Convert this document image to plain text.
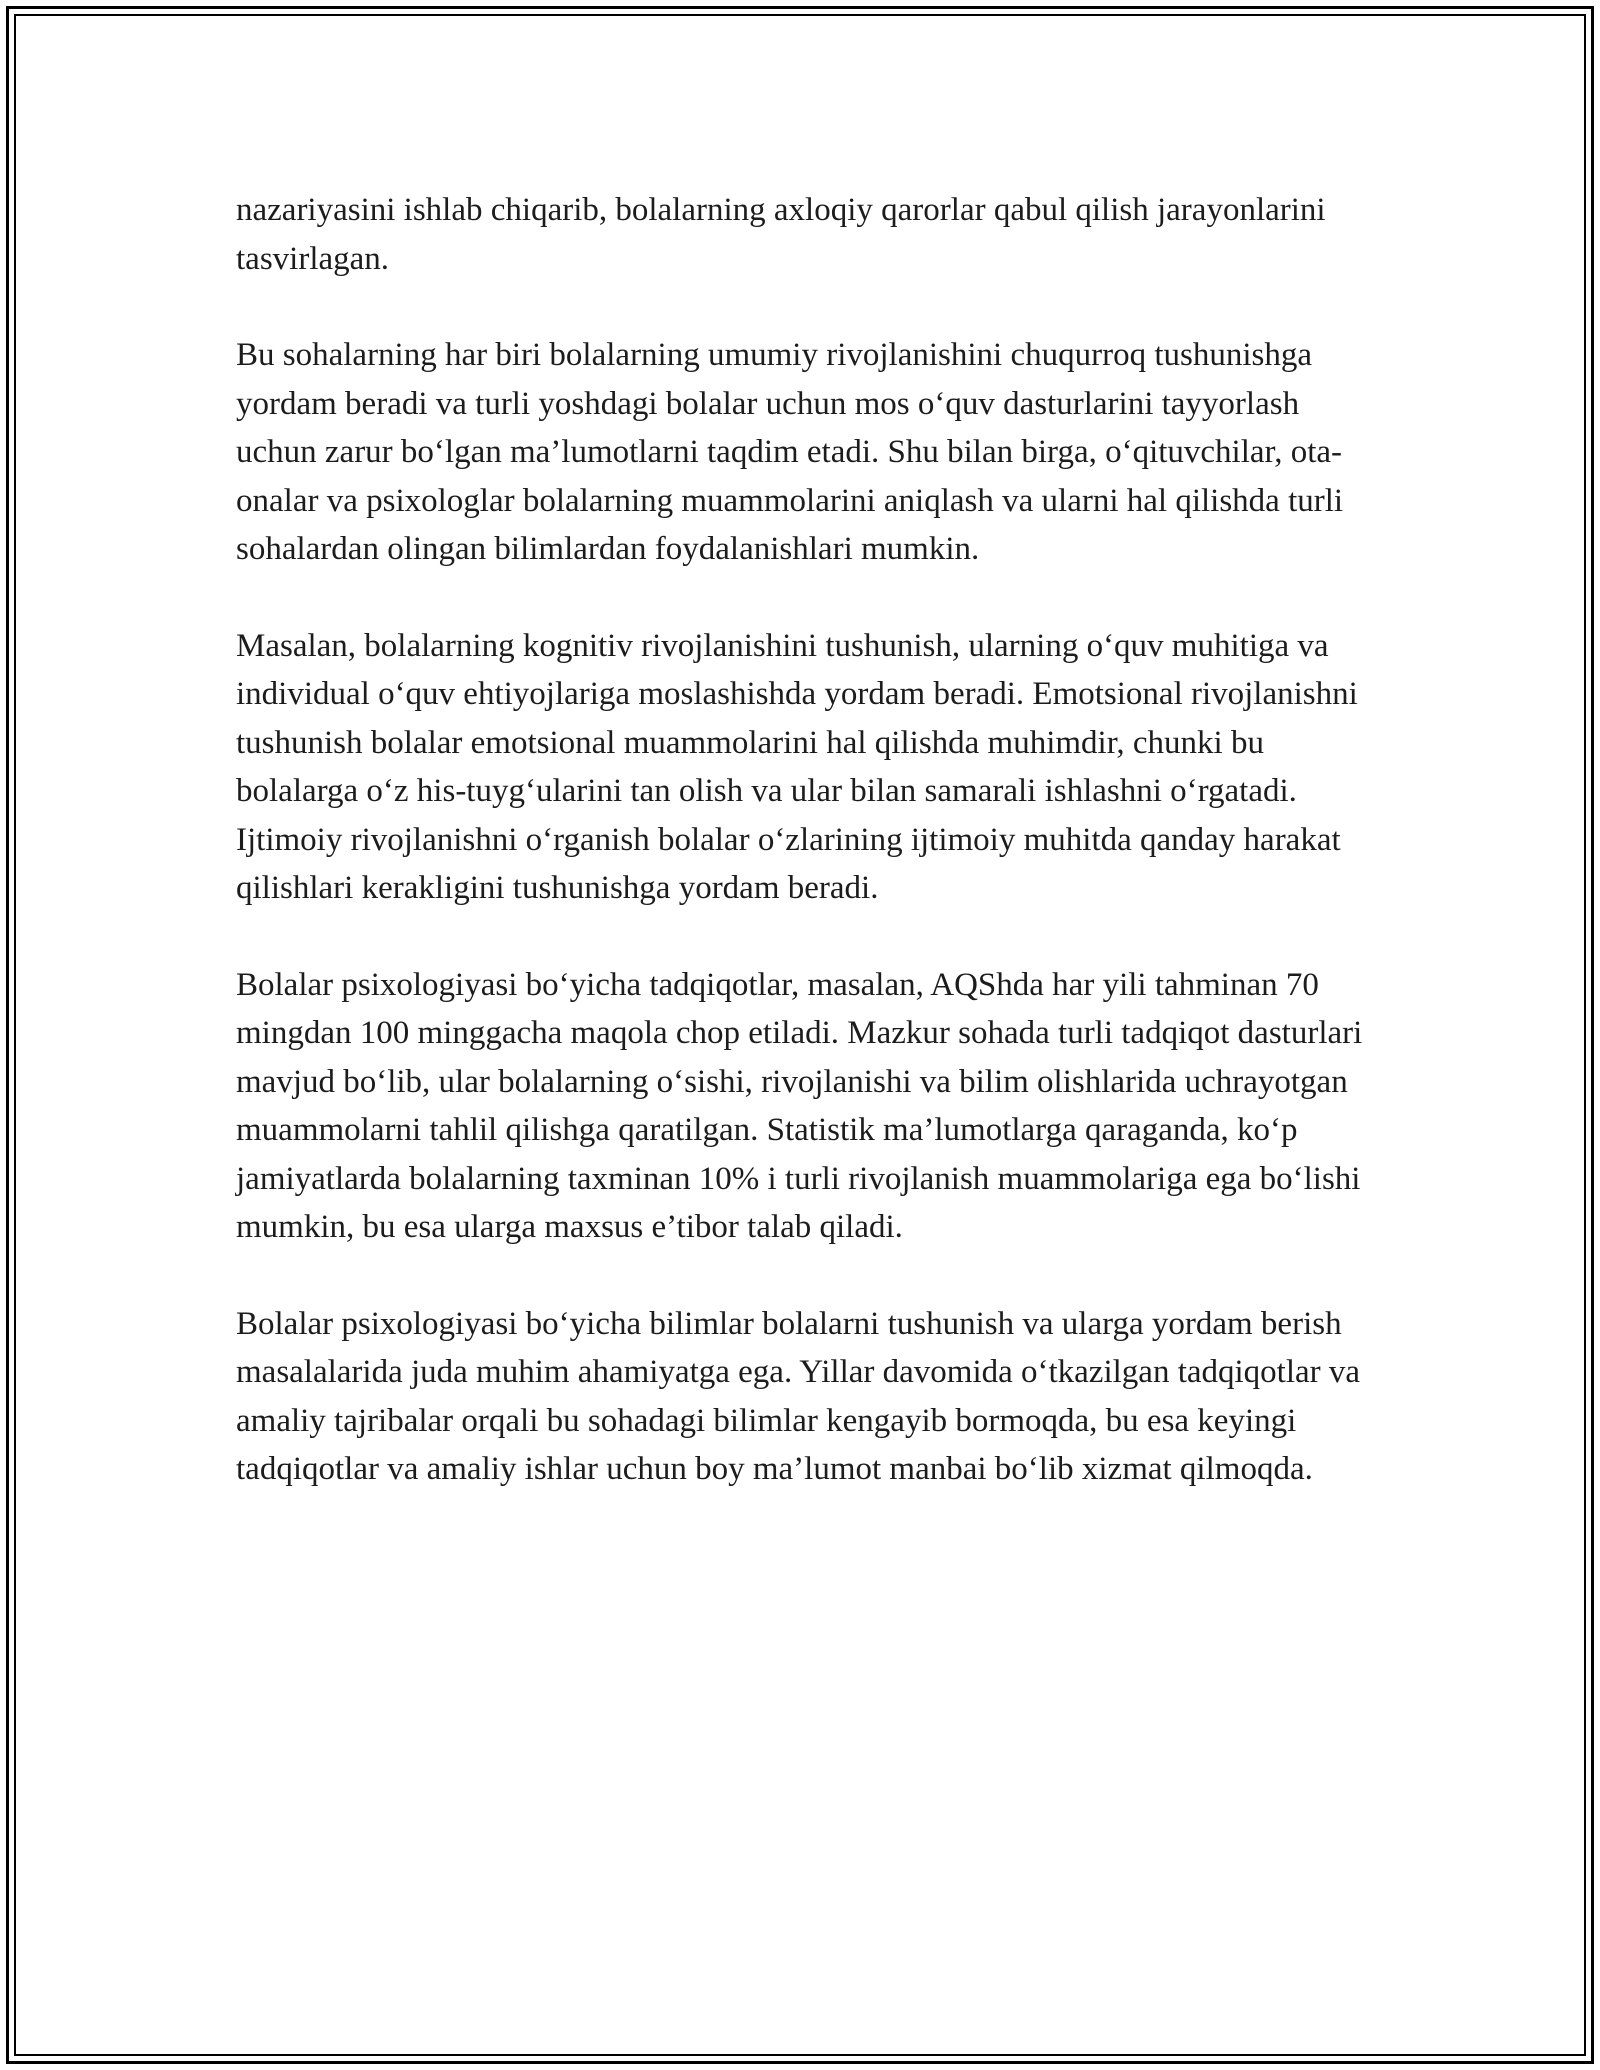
nazariyasini ishlab chiqarib, bolalarning axloqiy qarorlar qabul qilish jarayonlarini tasvirlagan.

Bu sohalarning har biri bolalarning umumiy rivojlanishini chuqurroq tushunishga yordam beradi va turli yoshdagi bolalar uchun mos o‘quv dasturlarini tayyorlash uchun zarur bo‘lgan ma’lumotlarni taqdim etadi. Shu bilan birga, o‘qituvchilar, ota-onalar va psixologlar bolalarning muammolarini aniqlash va ularni hal qilishda turli sohalardan olingan bilimlardan foydalanishlari mumkin.

Masalan, bolalarning kognitiv rivojlanishini tushunish, ularning o‘quv muhitiga va individual o‘quv ehtiyojlariga moslashishda yordam beradi. Emotsional rivojlanishni tushunish bolalar emotsional muammolarini hal qilishda muhimdir, chunki bu bolalarga o‘z his-tuyg‘ularini tan olish va ular bilan samarali ishlashni o‘rgatadi. Ijtimoiy rivojlanishni o‘rganish bolalar o‘zlarining ijtimoiy muhitda qanday harakat qilishlari kerakligini tushunishga yordam beradi.

Bolalar psixologiyasi bo‘yicha tadqiqotlar, masalan, AQShda har yili tahminan 70 mingdan 100 minggacha maqola chop etiladi. Mazkur sohada turli tadqiqot dasturlari mavjud bo‘lib, ular bolalarning o‘sishi, rivojlanishi va bilim olishlarida uchrayotgan muammolarni tahlil qilishga qaratilgan. Statistik ma’lumotlarga qaraganda, ko‘p jamiyatlarda bolalarning taxminan 10% i turli rivojlanish muammolariga ega bo‘lishi mumkin, bu esa ularga maxsus e’tibor talab qiladi.

Bolalar psixologiyasi bo‘yicha bilimlar bolalarni tushunish va ularga yordam berish masalalarida juda muhim ahamiyatga ega. Yillar davomida o‘tkazilgan tadqiqotlar va amaliy tajribalar orqali bu sohadagi bilimlar kengayib bormoqda, bu esa keyingi tadqiqotlar va amaliy ishlar uchun boy ma’lumot manbai bo‘lib xizmat qilmoqda.
